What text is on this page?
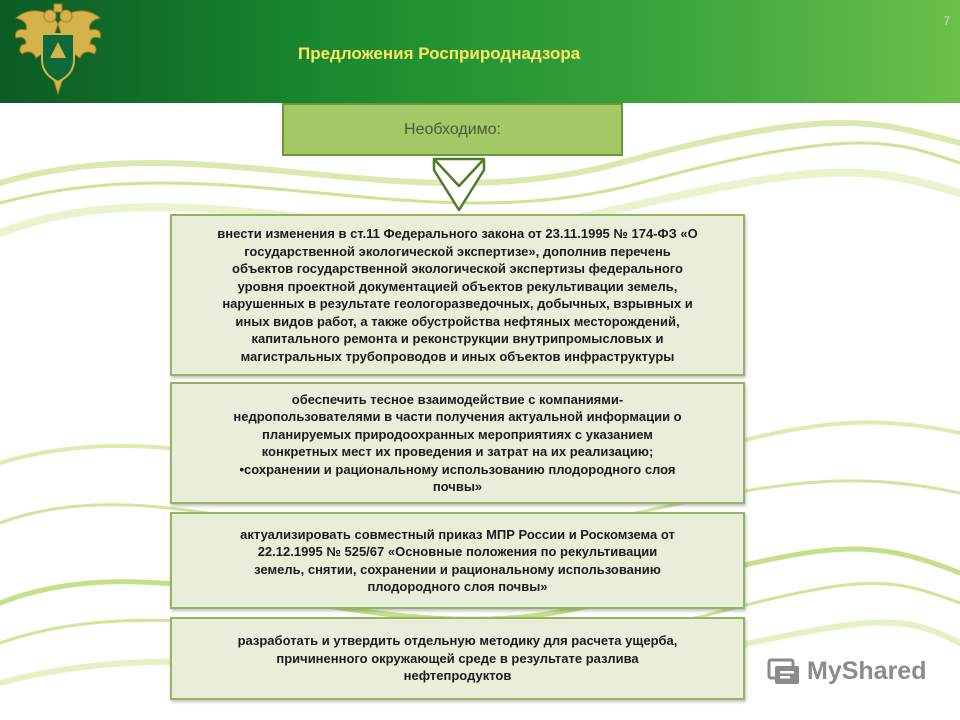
Предложения Росприроднадзора
7
Необходимо:
внести изменения в ст.11 Федерального закона от 23.11.1995 № 174-ФЗ «О
государственной экологической экспертизе», дополнив перечень
объектов государственной экологической экспертизы федерального
уровня проектной документацией объектов рекультивации земель,
нарушенных в результате геологоразведочных, добычных, взрывных и
иных видов работ, а также обустройства нефтяных месторождений,
капитального ремонта и реконструкции внутрипромысловых и
магистральных трубопроводов и иных объектов инфраструктуры
обеспечить тесное взаимодействие с компаниями-
недропользователями в части получения актуальной информации о
планируемых природоохранных мероприятиях с указанием
конкретных мест их проведения и затрат на их реализацию;
•сохранении и рациональному использованию плодородного слоя
почвы»
актуализировать совместный приказ МПР России и Роскомзема от
22.12.1995 № 525/67 «Основные положения по рекультивации
земель, снятии, сохранении и рациональному использованию
плодородного слоя почвы»
разработать и утвердить отдельную методику для расчета ущерба,
причиненного окружающей среде в результате разлива
нефтепродуктов	MyShared
